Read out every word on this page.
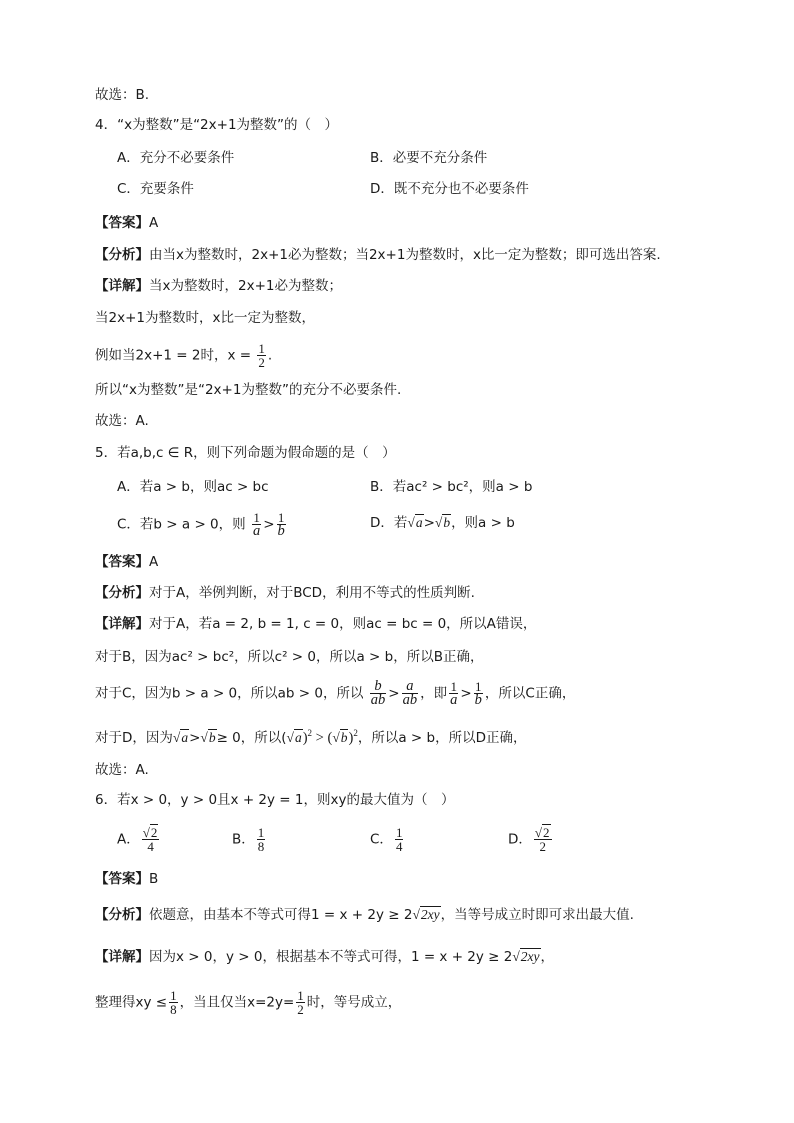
故选：B.
4．“x为整数”是“2x+1为整数”的（　）
A．充分不必要条件	B．必要不充分条件
C．充要条件	D．既不充分也不必要条件
【答案】A
【分析】由当x为整数时，2x+1必为整数；当2x+1为整数时，x比一定为整数；即可选出答案.
【详解】当x为整数时，2x+1必为整数；
当2x+1为整数时，x比一定为整数，
例如当2x+1 = 2时，$x = \frac{1}{2}$ .
所以“x为整数”是“2x+1为整数”的充分不必要条件.
故选：A.
5．若a,b,c ∈ R，则下列命题为假命题的是（　）
A．若a > b，则ac > bc	B．若ac² > bc²，则a > b
C．若b > a > 0，则 $\frac{1}{a} > \frac{1}{b}$	D．若√a>√b，则a > b
【答案】A
【分析】对于A，举例判断，对于BCD，利用不等式的性质判断.
【详解】对于A，若a = 2, b = 1, c = 0，则ac = bc = 0，所以A错误，
对于B，因为ac² > bc²，所以c² > 0，所以a > b，所以B正确，
对于C，因为b > a > 0，所以ab > 0，所以 $\frac{b}{ab} > \frac{a}{ab}$ ，即 $\frac{1}{a} > \frac{1}{b}$ ，所以C正确，
对于D，因为√a>√b≥ 0，所以$(√a)^2 > (√b)^2$，所以a > b，所以D正确，
故选：A.
6．若x > 0，y > 0且x + 2y = 1，则xy的最大值为（　）
A． $\frac{√2}{4}$	B． $\frac{1}{8}$	C． $\frac{1}{4}$	D． $\frac{√2}{2}$
【答案】B
【分析】依题意，由基本不等式可得1 = x + 2y ≥ 2√2xy，当等号成立时即可求出最大值.
【详解】因为x > 0，y > 0，根据基本不等式可得，1 = x + 2y ≥ 2√2xy，
整理得xy ≤ $\frac{1}{8}$ ，当且仅当$x=2y= \frac{1}{2}$ 时，等号成立，
